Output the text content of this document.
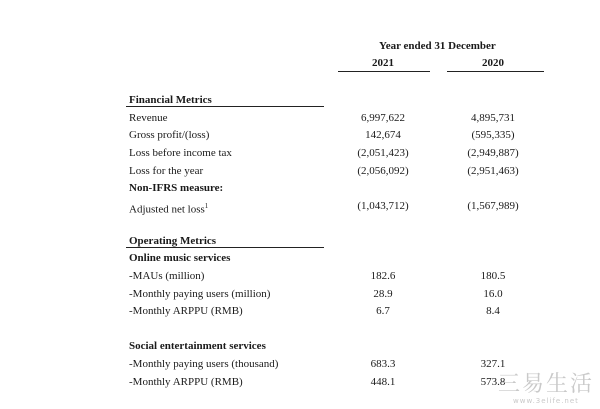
Year ended 31 December
2021	2020
Financial Metrics
Revenue	6,997,622	4,895,731
Gross profit/(loss)	142,674	(595,335)
Loss before income tax	(2,051,423)	(2,949,887)
Loss for the year	(2,056,092)	(2,951,463)
Non-IFRS measure:
Adjusted net loss$^1$	(1,043,712)	(1,567,989)
Operating Metrics
Online music services
-MAUs (million)	182.6	180.5
-Monthly paying users (million)	28.9	16.0
-Monthly ARPPU (RMB)	6.7	8.4
Social entertainment services
-Monthly paying users (thousand)	683.3	327.1
-Monthly ARPPU (RMB)	448.1	573.8
三易生活
www.3elife.net
